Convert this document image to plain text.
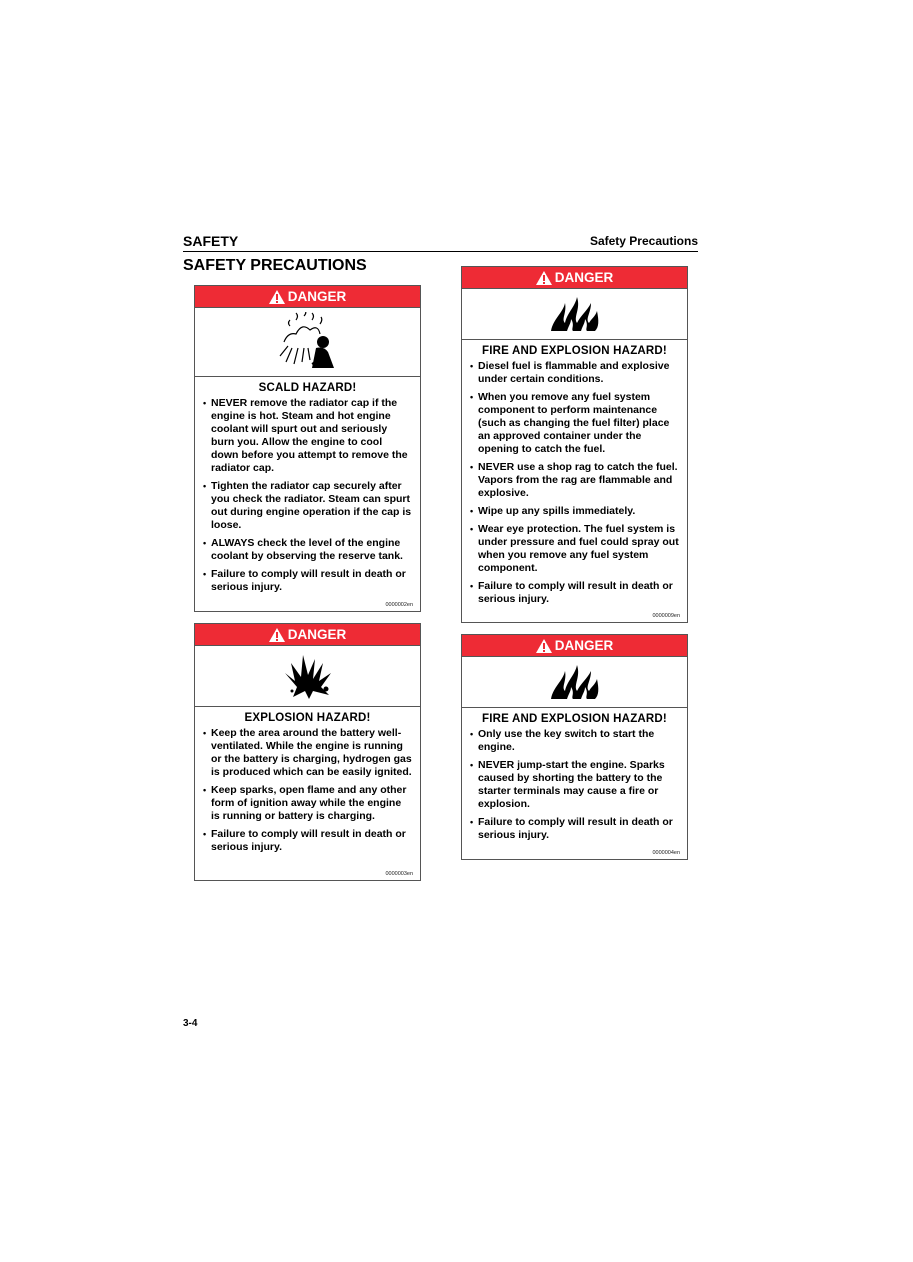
SAFETY	Safety Precautions
SAFETY PRECAUTIONS
DANGER
SCALD HAZARD!
• NEVER remove the radiator cap if the engine is hot. Steam and hot engine coolant will spurt out and seriously burn you. Allow the engine to cool down before you attempt to remove the radiator cap.
• Tighten the radiator cap securely after you check the radiator. Steam can spurt out during engine operation if the cap is loose.
• ALWAYS check the level of the engine coolant by observing the reserve tank.
• Failure to comply will result in death or serious injury.
0000002en
DANGER
EXPLOSION HAZARD!
• Keep the area around the battery well-ventilated. While the engine is running or the battery is charging, hydrogen gas is produced which can be easily ignited.
• Keep sparks, open flame and any other form of ignition away while the engine is running or battery is charging.
• Failure to comply will result in death or serious injury.
0000003en
DANGER
FIRE AND EXPLOSION HAZARD!
• Diesel fuel is flammable and explosive under certain conditions.
• When you remove any fuel system component to perform maintenance (such as changing the fuel filter) place an approved container under the opening to catch the fuel.
• NEVER use a shop rag to catch the fuel. Vapors from the rag are flammable and explosive.
• Wipe up any spills immediately.
• Wear eye protection. The fuel system is under pressure and fuel could spray out when you remove any fuel system component.
• Failure to comply will result in death or serious injury.
0000009en
DANGER
FIRE AND EXPLOSION HAZARD!
• Only use the key switch to start the engine.
• NEVER jump-start the engine. Sparks caused by shorting the battery to the starter terminals may cause a fire or explosion.
• Failure to comply will result in death or serious injury.
0000004en
3-4
